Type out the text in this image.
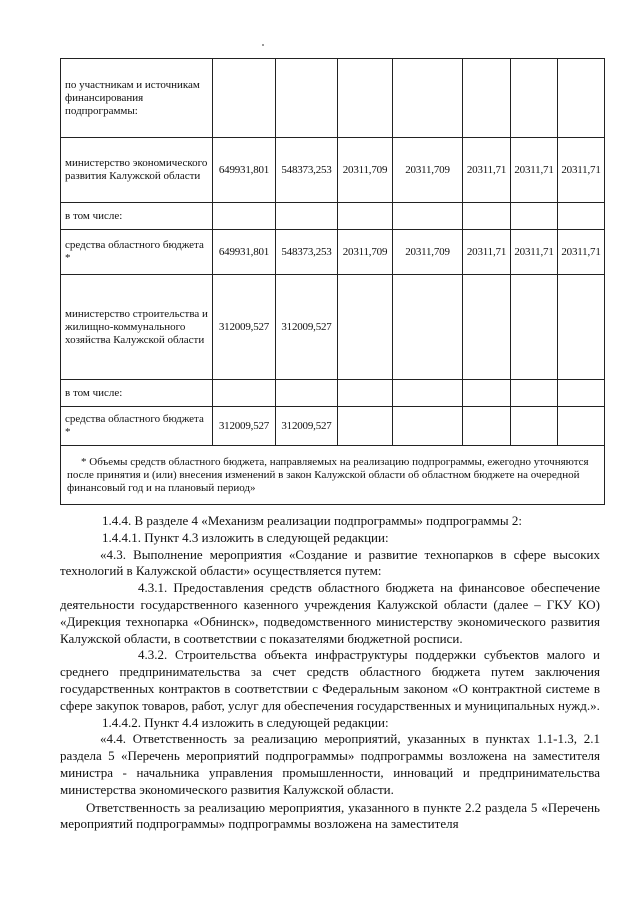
по участникам и источникам финансирования подпрограммы:							
министерство экономического развития Калужской области	649931,801	548373,253	20311,709	20311,709	20311,71	20311,71	20311,71
в том числе:							
средства областного бюджета *	649931,801	548373,253	20311,709	20311,709	20311,71	20311,71	20311,71
министерство строительства и жилищно-коммунального хозяйства Калужской области	312009,527	312009,527					
в том числе:							
средства областного бюджета *	312009,527	312009,527					

* Объемы средств областного бюджета, направляемых на реализацию подпрограммы, ежегодно уточняются
после принятия и (или) внесения изменений в закон Калужской области об областном бюджете на очередной
финансовый год и на плановый период»							

1.4.4. В разделе 4 «Механизм реализации подпрограммы» подпрограммы 2:

1.4.4.1. Пункт 4.3 изложить в следующей редакции:

«4.3. Выполнение мероприятия «Создание и развитие технопарков в сфере высоких технологий в Калужской области» осуществляется путем:

4.3.1. Предоставления средств областного бюджета на финансовое обеспечение деятельности государственного казенного учреждения Калужской области (далее – ГКУ КО) «Дирекция технопарка «Обнинск», подведомственного министерству экономического развития Калужской области, в соответствии с показателями бюджетной росписи.

4.3.2. Строительства объекта инфраструктуры поддержки субъектов малого и среднего предпринимательства за счет средств областного бюджета путем заключения государственных контрактов в соответствии с Федеральным законом «О контрактной системе в сфере закупок товаров, работ, услуг для обеспечения государственных и муниципальных нужд.».

1.4.4.2. Пункт 4.4 изложить в следующей редакции:

«4.4. Ответственность за реализацию мероприятий, указанных в пунктах 1.1-1.3, 2.1 раздела 5 «Перечень мероприятий подпрограммы» подпрограммы возложена на заместителя министра - начальника управления промышленности, инноваций и предпринимательства министерства экономического развития Калужской области.

Ответственность за реализацию мероприятия, указанного в пункте 2.2 раздела 5 «Перечень мероприятий подпрограммы» подпрограммы возложена на заместителя
